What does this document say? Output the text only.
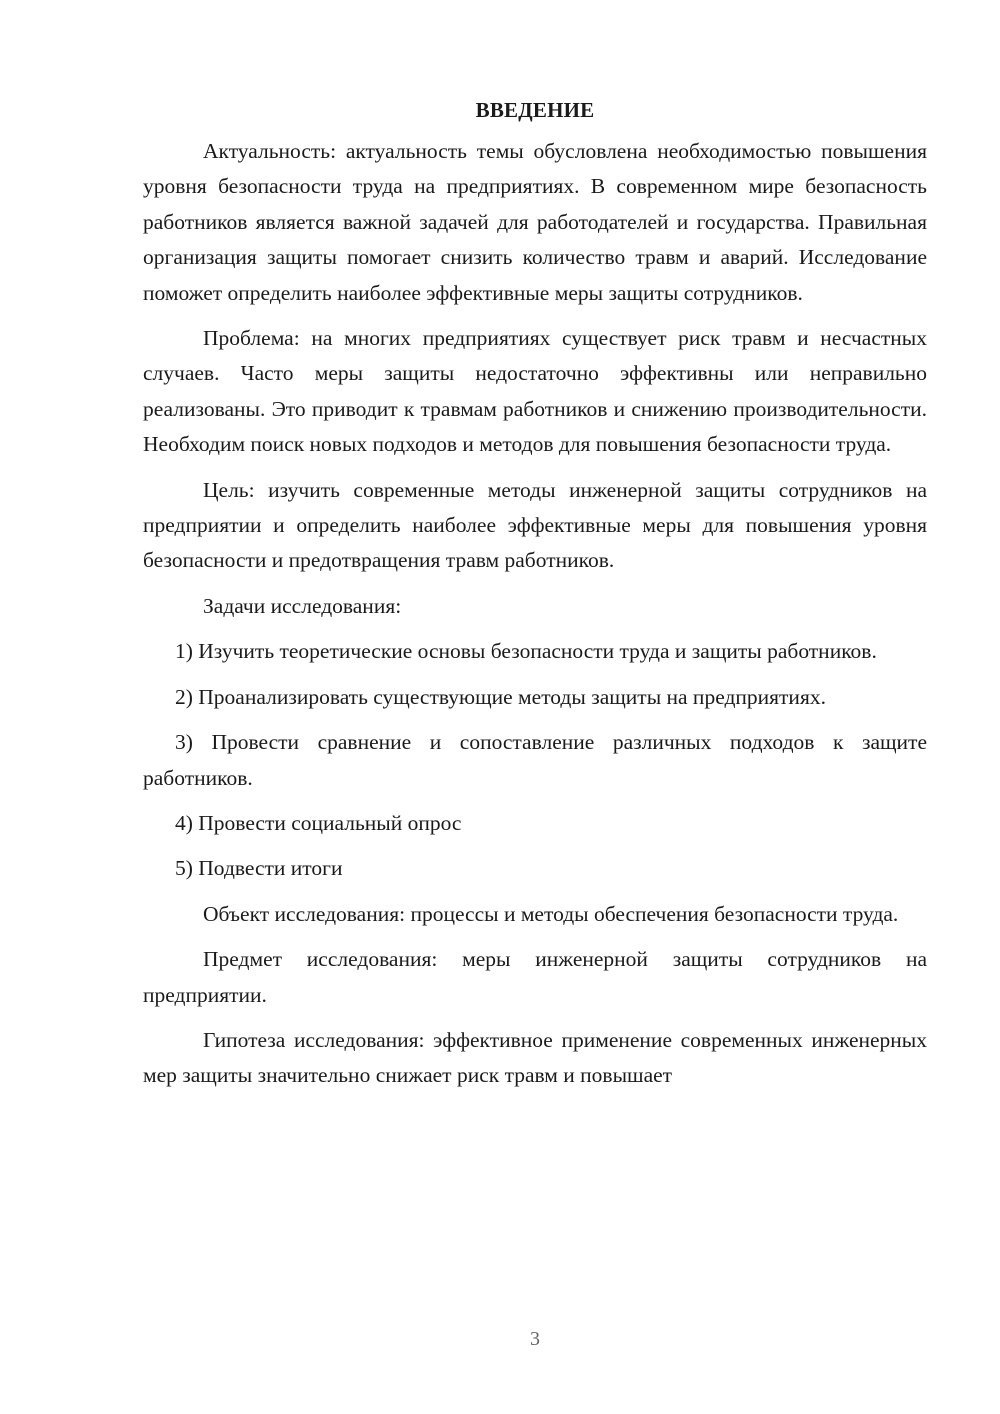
ВВЕДЕНИЕ

Актуальность: актуальность темы обусловлена необходимостью повышения уровня безопасности труда на предприятиях. В современном мире безопасность работников является важной задачей для работодателей и государства. Правильная организация защиты помогает снизить количество травм и аварий. Исследование поможет определить наиболее эффективные меры защиты сотрудников.

Проблема: на многих предприятиях существует риск травм и несчастных случаев. Часто меры защиты недостаточно эффективны или неправильно реализованы. Это приводит к травмам работников и снижению производительности. Необходим поиск новых подходов и методов для повышения безопасности труда.

Цель: изучить современные методы инженерной защиты сотрудников на предприятии и определить наиболее эффективные меры для повышения уровня безопасности и предотвращения травм работников.

Задачи исследования:

1) Изучить теоретические основы безопасности труда и защиты работников.

2) Проанализировать существующие методы защиты на предприятиях.

3) Провести сравнение и сопоставление различных подходов к защите работников.

4) Провести социальный опрос

5) Подвести итоги

Объект исследования: процессы и методы обеспечения безопасности труда.

Предмет исследования: меры инженерной защиты сотрудников на предприятии.

Гипотеза исследования: эффективное применение современных инженерных мер защиты значительно снижает риск травм и повышает

3
